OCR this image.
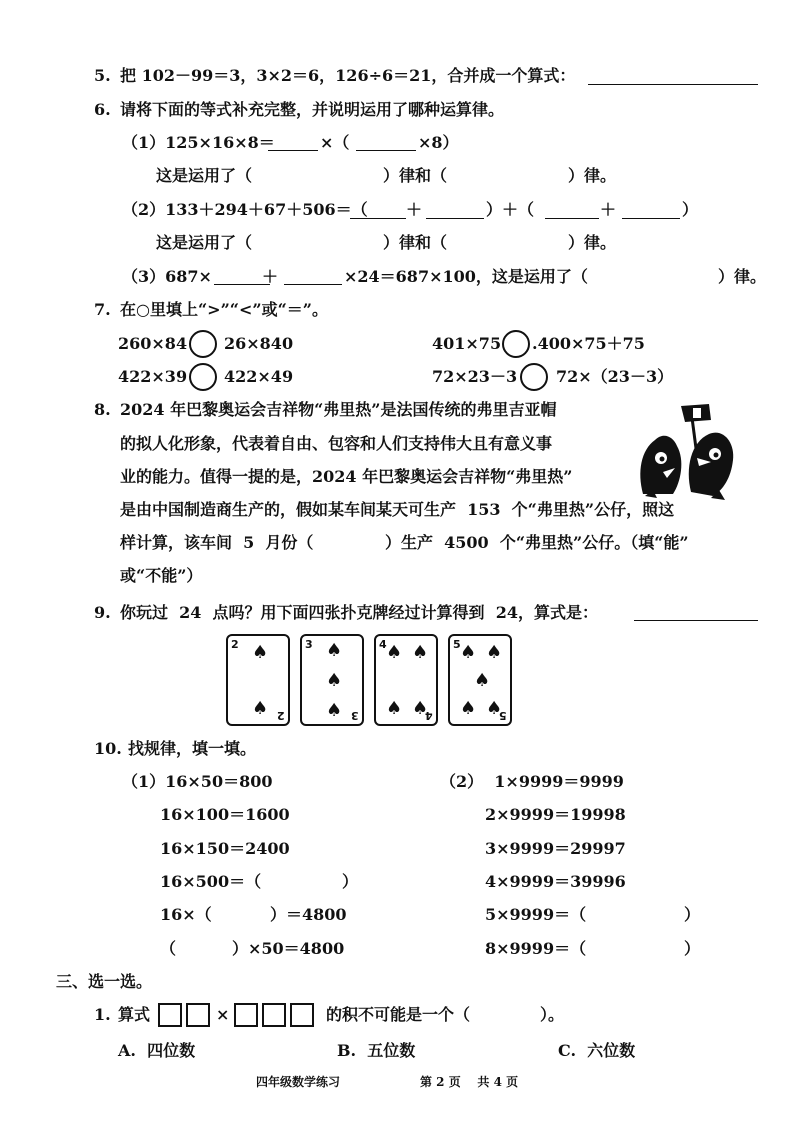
5. 把 102－99＝3，3×2＝6，126÷6＝21，合并成一个算式：
6. 请将下面的等式补充完整，并说明运用了哪种运算律。
（1）125×16×8＝	×（	×8）
这是运用了（	）律和（	）律。
（2）133＋294＋67＋506＝（ ＋	）＋（	＋	）
这是运用了（	）律和（	）律。
（3）687×	＋	×24＝687×100，这是运用了（	）律。
7. 在○里填上“>”“<”或“＝”。
260×84 26×840	401×75 .400×75＋75
422×39 422×49	72×23－3 72×（23－3）
8. 2024 年巴黎奥运会吉祥物“弗里热”是法国传统的弗里吉亚帽
的拟人化形象，代表着自由、包容和人们支持伟大且有意义事
业的能力。值得一提的是，2024 年巴黎奥运会吉祥物“弗里热”
是由中国制造商生产的，假如某车间某天可生产  153  个“弗里热”公仔，照这
样计算，该车间  5  月份（	）生产  4500  个“弗里热”公仔。（填“能”
或“不能”）
9. 你玩过  24  点吗？用下面四张扑克牌经过计算得到  24，算式是：
2 ♠
♠ 2
3 ♠
♠
♠ 3
4 ♠ ♠
♠ ♠
4
5 ♠ ♠
♠
♠ ♠
5
10. 找规律，填一填。
（1）16×50＝800
16×100＝1600
16×150＝2400
16×500＝（	）
16×（	）＝4800
（	）×50＝4800
（2）  1×9999＝9999
2×9999＝19998
3×9999＝29997
4×9999＝39996
5×9999＝（	）
8×9999＝（	）
三、选一选。
1. 算式	×	的积不可能是一个（	）。
A.  四位数	B.  五位数	C.  六位数
四年级数学练习	第 2 页    共 4 页
